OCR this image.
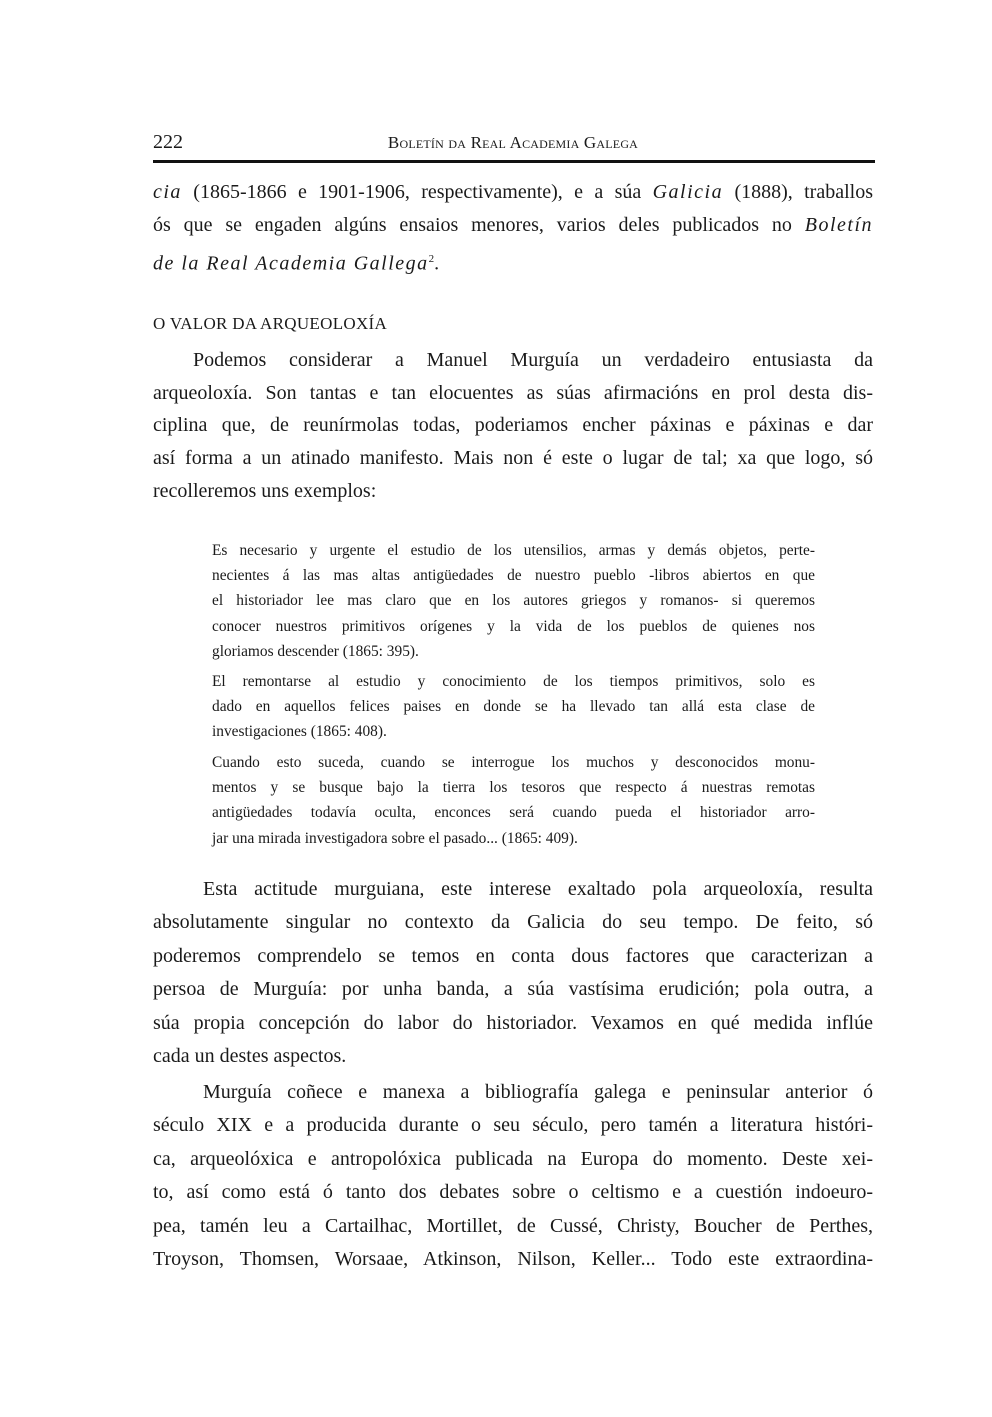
222	Boletín da Real Academia Galega
cia (1865-1866 e 1901-1906, respectivamente), e a súa Galicia (1888), traballos
ós que se engaden algúns ensaios menores, varios deles publicados no Boletín
de la Real Academia Gallega$^2$.
O VALOR DA ARQUEOLOXÍA
Podemos considerar a Manuel Murguía un verdadeiro entusiasta da
arqueoloxía. Son tantas e tan elocuentes as súas afirmacións en prol desta dis-
ciplina que, de reunírmolas todas, poderiamos encher páxinas e páxinas e dar
así forma a un atinado manifesto. Mais non é este o lugar de tal; xa que logo, só
recolleremos uns exemplos:
Es necesario y urgente el estudio de los utensilios, armas y demás objetos, perte-
necientes á las mas altas antigüedades de nuestro pueblo -libros abiertos en que
el historiador lee mas claro que en los autores griegos y romanos- si queremos
conocer nuestros primitivos orígenes y la vida de los pueblos de quienes nos
gloriamos descender (1865: 395).
El remontarse al estudio y conocimiento de los tiempos primitivos, solo es
dado en aquellos felices paises en donde se ha llevado tan allá esta clase de
investigaciones (1865: 408).
Cuando esto suceda, cuando se interrogue los muchos y desconocidos monu-
mentos y se busque bajo la tierra los tesoros que respecto á nuestras remotas
antigüedades todavía oculta, enconces será cuando pueda el historiador arro-
jar una mirada investigadora sobre el pasado... (1865: 409).
Esta actitude murguiana, este interese exaltado pola arqueoloxía, resulta
absolutamente singular no contexto da Galicia do seu tempo. De feito, só
poderemos comprendelo se temos en conta dous factores que caracterizan a
persoa de Murguía: por unha banda, a súa vastísima erudición; pola outra, a
súa propia concepción do labor do historiador. Vexamos en qué medida inflúe
cada un destes aspectos.
Murguía coñece e manexa a bibliografía galega e peninsular anterior ó
século XIX e a producida durante o seu século, pero tamén a literatura históri-
ca, arqueolóxica e antropolóxica publicada na Europa do momento. Deste xei-
to, así como está ó tanto dos debates sobre o celtismo e a cuestión indoeuro-
pea, tamén leu a Cartailhac, Mortillet, de Cussé, Christy, Boucher de Perthes,
Troyson, Thomsen, Worsaae, Atkinson, Nilson, Keller... Todo este extraordina-
